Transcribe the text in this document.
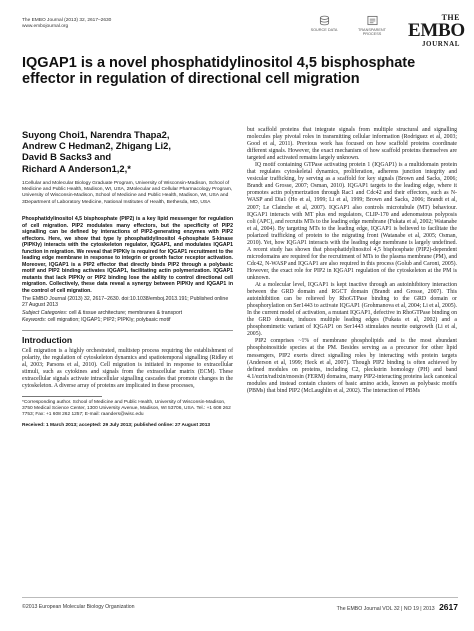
The EMBO Journal (2013) 32, 2617–2630
www.embojournal.org
SOURCE DATA	TRANSPARENT PROCESS
THE
EMBO
JOURNAL
IQGAP1 is a novel phosphatidylinositol 4,5 bisphosphate effector in regulation of directional cell migration
Suyong Choi1, Narendra Thapa2,
Andrew C Hedman2, Zhigang Li2,
David B Sacks3 and
Richard A Anderson1,2,*

1Cellular and Molecular Biology Graduate Program, University of Wisconsin-Madison, School of Medicine and Public Health, Madison, WI, USA, 2Molecular and Cellular Pharmacology Program, University of Wisconsin-Madison, School of Medicine and Public Health, Madison, WI, USA and 3Department of Laboratory Medicine, National Institutes of Health, Bethesda, MD, USA

Phosphatidylinositol 4,5 bisphosphate (PIP2) is a key lipid messenger for regulation of cell migration. PIP2 modulates many effectors, but the specificity of PIP2 signalling can be defined by interactions of PIP2-generating enzymes with PIP2 effectors. Here, we show that type Iγ phosphatidylinositol 4-phosphate 5-kinase (PIPKIγ) interacts with the cytoskeleton regulator, IQGAP1, and modulates IQGAP1 function in migration. We reveal that PIPKIγ is required for IQGAP1 recruitment to the leading edge membrane in response to integrin or growth factor receptor activation. Moreover, IQGAP1 is a PIP2 effector that directly binds PIP2 through a polybasic motif and PIP2 binding activates IQGAP1, facilitating actin polymerization. IQGAP1 mutants that lack PIPKIγ or PIP2 binding lose the ability to control directional cell migration. Collectively, these data reveal a synergy between PIPKIγ and IQGAP1 in the control of cell migration.

The EMBO Journal (2013) 32, 2617–2630. doi:10.1038/emboj.2013.191; Published online 27 August 2013

Subject Categories: cell & tissue architecture; membranes & transport

Keywords: cell migration; IQGAP1; PIP2; PIPKIγ; polybasic motif

Introduction

Cell migration is a highly orchestrated, multistep process requiring the establishment of polarity, the regulation of cytoskeleton dynamics and spatiotemporal signalling (Ridley et al, 2003; Parsons et al, 2010). Cell migration is initiated in response to extracellular stimuli, such as cytokines and signals from the extracellular matrix (ECM). These extracellular signals activate intracellular signalling cascades that promote changes in the cytoskeleton. A diverse array of proteins are implicated in these processes,

*Corresponding author. School of Medicine and Public Health, University of Wisconsin-Madison, 3750 Medical Science Center, 1300 University Avenue, Madison, WI 53706, USA. Tel.: +1 608 262 7753; Fax: +1 608 262 1257; E-mail: raanders@wisc.edu

Received: 1 March 2013; accepted: 29 July 2013; published online: 27 August 2013

but scaffold proteins that integrate signals from multiple structural and signalling molecules play pivotal roles in transmitting cellular information (Rodriguez et al, 2003; Good et al, 2011). Previous work has focused on how scaffold proteins coordinate different signals. However, the exact mechanism of how scaffold proteins themselves are targeted and activated remains largely unknown.

IQ motif containing GTPase activating protein 1 (IQGAP1) is a multidomain protein that regulates cytoskeletal dynamics, proliferation, adherens junction integrity and vesicular trafficking, by serving as a scaffold for key signals (Brown and Sacks, 2006; Brandt and Grosse, 2007; Osman, 2010). IQGAP1 targets to the leading edge, where it promotes actin polymerization through Rac1 and Cdc42 and their effectors, such as N-WASP and Dia1 (Ho et al, 1999; Li et al, 1999; Brown and Sacks, 2006; Brandt et al, 2007; Le Clainche et al, 2007). IQGAP1 also controls microtubule (MT) behaviour. IQGAP1 interacts with MT plus end regulators, CLIP-170 and adenomatous polyposis coli (APC), and recruits MTs to the leading edge membrane (Fukata et al, 2002; Watanabe et al, 2004). By targeting MTs to the leading edge, IQGAP1 is believed to facilitate the polarized trafficking of protein to the migrating front (Watanabe et al, 2005; Osman, 2010). Yet, how IQGAP1 interacts with the leading edge membrane is largely undefined. A recent study has shown that phosphatidylinositol 4,5 bisphosphate (PIP2)-dependent microdomains are required for the recruitment of MTs to the plasma membrane (PM), and Cdc42, N-WASP and IQGAP1 are also required in this process (Golub and Caroni, 2005). However, the exact role for PIP2 in IQGAP1 regulation of the cytoskeleton at the PM is unknown.

At a molecular level, IQGAP1 is kept inactive through an autoinhibitory interaction between the GRD domain and RGCT domain (Brandt and Grosse, 2007). This autoinhibition can be relieved by RhoGTPase binding to the GRD domain or phosphorylation on Ser1443 to activate IQGAP1 (Grohmanova et al, 2004; Li et al, 2005). In the current model of activation, a mutant IQGAP1, defective in RhoGTPase binding on the GRD domain, induces multiple leading edges (Fukata et al, 2002) and a phosphomimetic variant of IQGAP1 on Ser1443 stimulates neurite outgrowth (Li et al, 2005).

PIP2 comprises ~1% of membrane phospholipids and is the most abundant phosphoinositide species at the PM. Besides serving as a precursor for other lipid messengers, PIP2 exerts direct signalling roles by interacting with protein targets (Anderson et al, 1999; Heck et al, 2007). Though PIP2 binding is often achieved by defined modules on proteins, including C2, pleckstrin homology (PH) and band 4.1/ezrin/radixin/moesin (FERM) domains, many PIP2-interacting proteins lack canonical modules and instead contain clusters of basic amino acids, known as polybasic motifs (PBMs) that bind PIP2 (McLaughlin et al, 2002). The interaction of PBMs

©2013 European Molecular Biology Organization	The EMBO Journal VOL 32 | NO 19 | 2013 2617
